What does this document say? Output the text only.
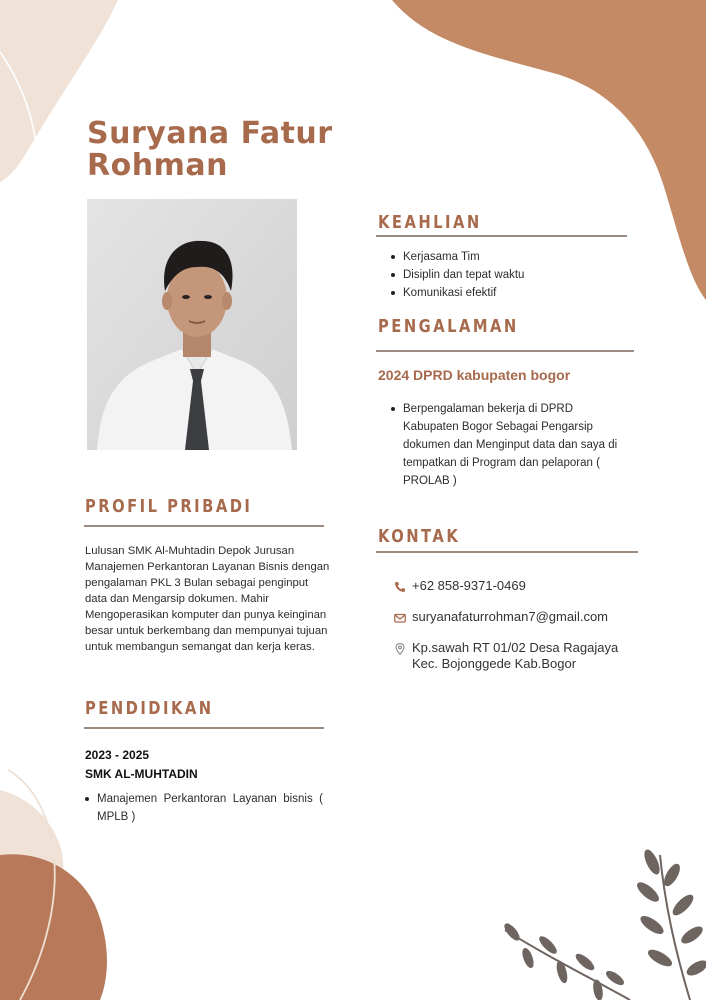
Suryana Fatur
Rohman
KEAHLIAN
Kerjasama Tim
Disiplin dan tepat waktu
Komunikasi efektif
PENGALAMAN
2024 DPRD kabupaten bogor
Berpengalaman bekerja di DPRD Kabupaten Bogor Sebagai Pengarsip dokumen dan Menginput data dan saya di tempatkan di Program dan pelaporan ( PROLAB )
KONTAK
+62 858-9371-0469
suryanafaturrohman7@gmail.com
Kp.sawah RT 01/02 Desa Ragajaya
Kec. Bojonggede Kab.Bogor
PROFIL PRIBADI

Lulusan SMK Al-Muhtadin Depok Jurusan Manajemen Perkantoran Layanan Bisnis dengan pengalaman PKL 3 Bulan sebagai penginput data dan Mengarsip dokumen. Mahir Mengoperasikan komputer dan punya keinginan besar untuk berkembang dan mempunyai tujuan untuk membangun semangat dan kerja keras.

PENDIDIKAN
2023 - 2025
SMK AL-MUHTADIN
Manajemen Perkantoran Layanan bisnis ( MPLB )
